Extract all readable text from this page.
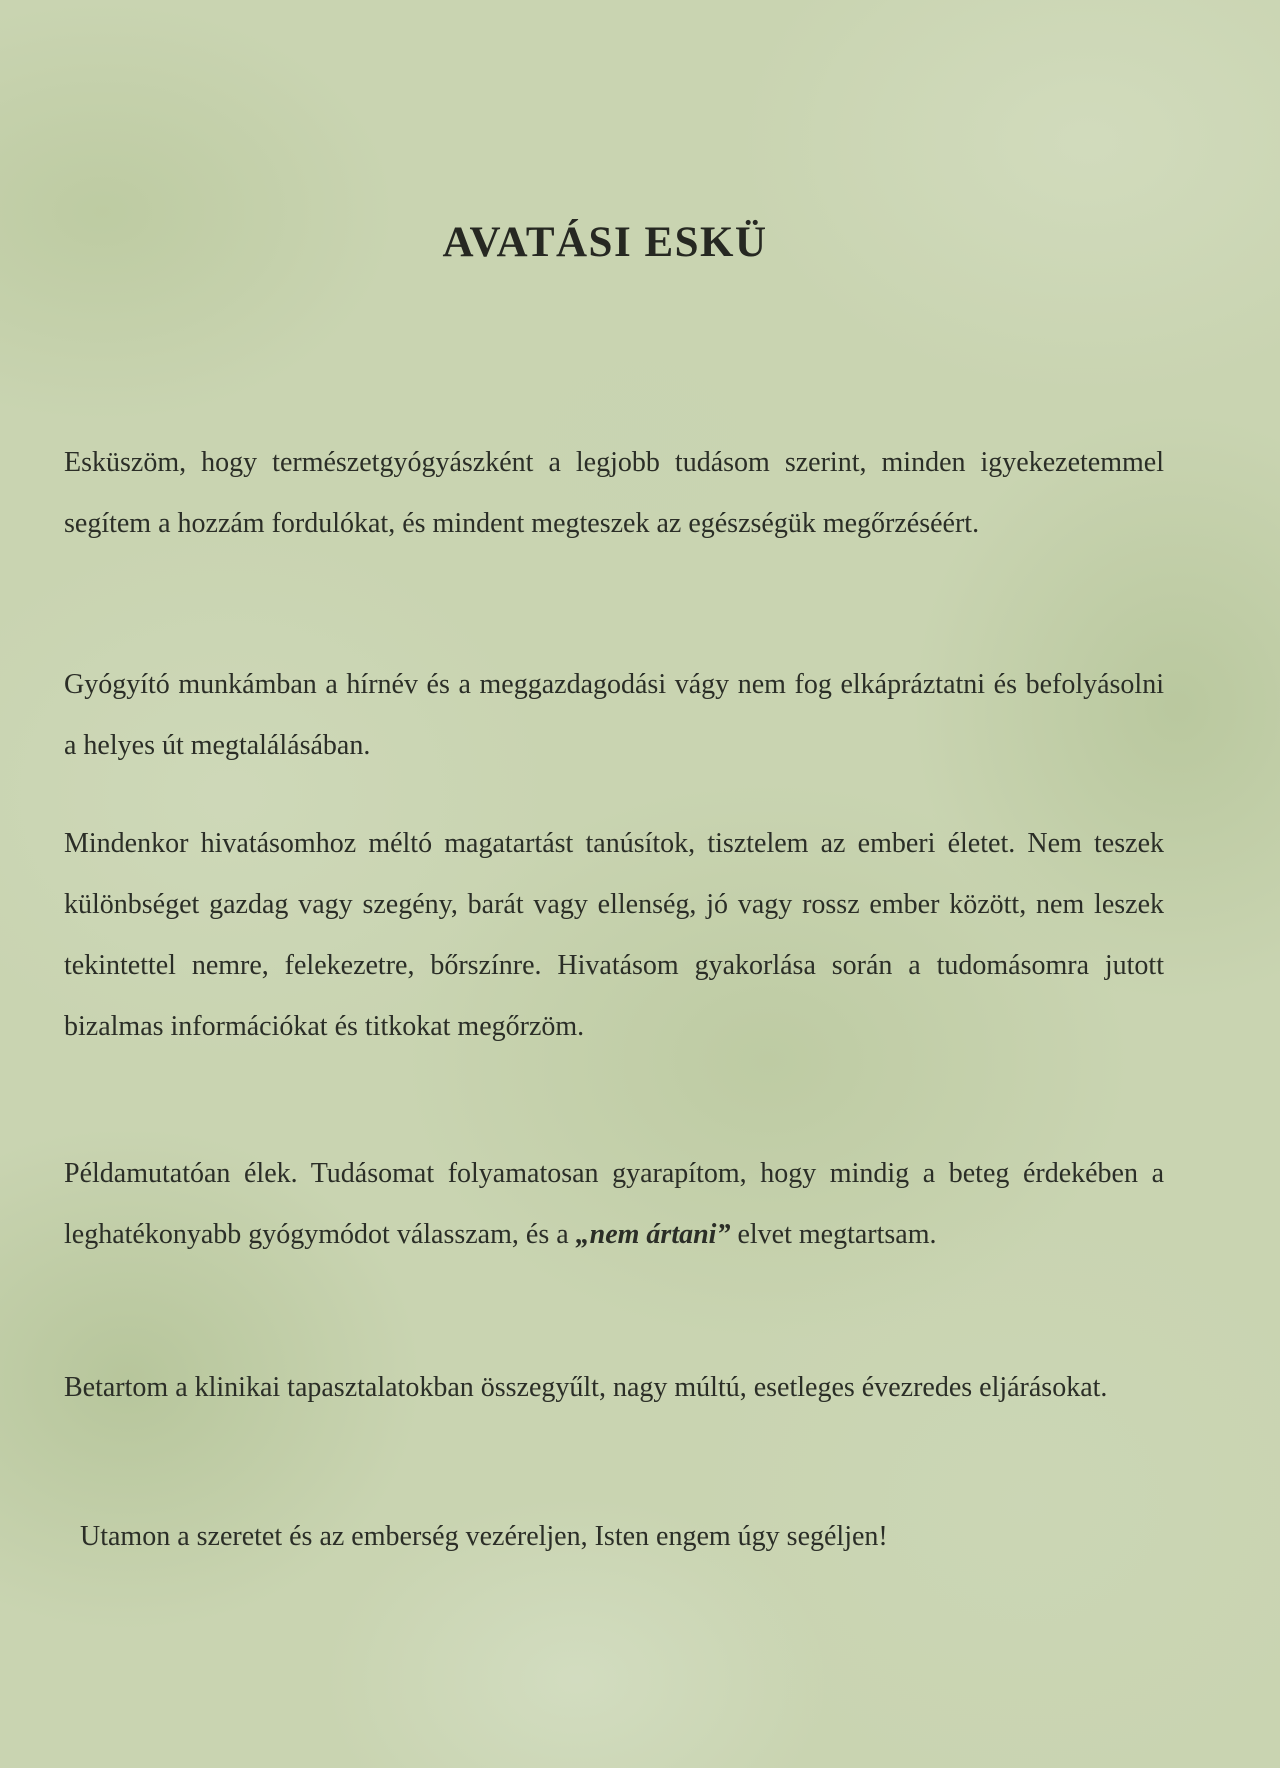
AVATÁSI ESKÜ

Esküszöm, hogy természetgyógyászként a legjobb tudásom szerint, minden igyekezetemmel segítem a hozzám fordulókat, és mindent megteszek az egészségük megőrzéséért.

Gyógyító munkámban a hírnév és a meggazdagodási vágy nem fog elkápráztatni és befolyásolni a helyes út megtalálásában.

Mindenkor hivatásomhoz méltó magatartást tanúsítok, tisztelem az emberi életet. Nem teszek különbséget gazdag vagy szegény, barát vagy ellenség, jó vagy rossz ember között, nem leszek tekintettel nemre, felekezetre, bőrszínre. Hivatásom gyakorlása során a tudomásomra jutott bizalmas információkat és titkokat megőrzöm.

Példamutatóan élek. Tudásomat folyamatosan gyarapítom, hogy mindig a beteg érdekében a leghatékonyabb gyógymódot válasszam, és a „nem ártani” elvet megtartsam.

Betartom a klinikai tapasztalatokban összegyűlt, nagy múltú, esetleges évezredes eljárásokat.

Utamon a szeretet és az emberség vezéreljen, Isten engem úgy segéljen!
